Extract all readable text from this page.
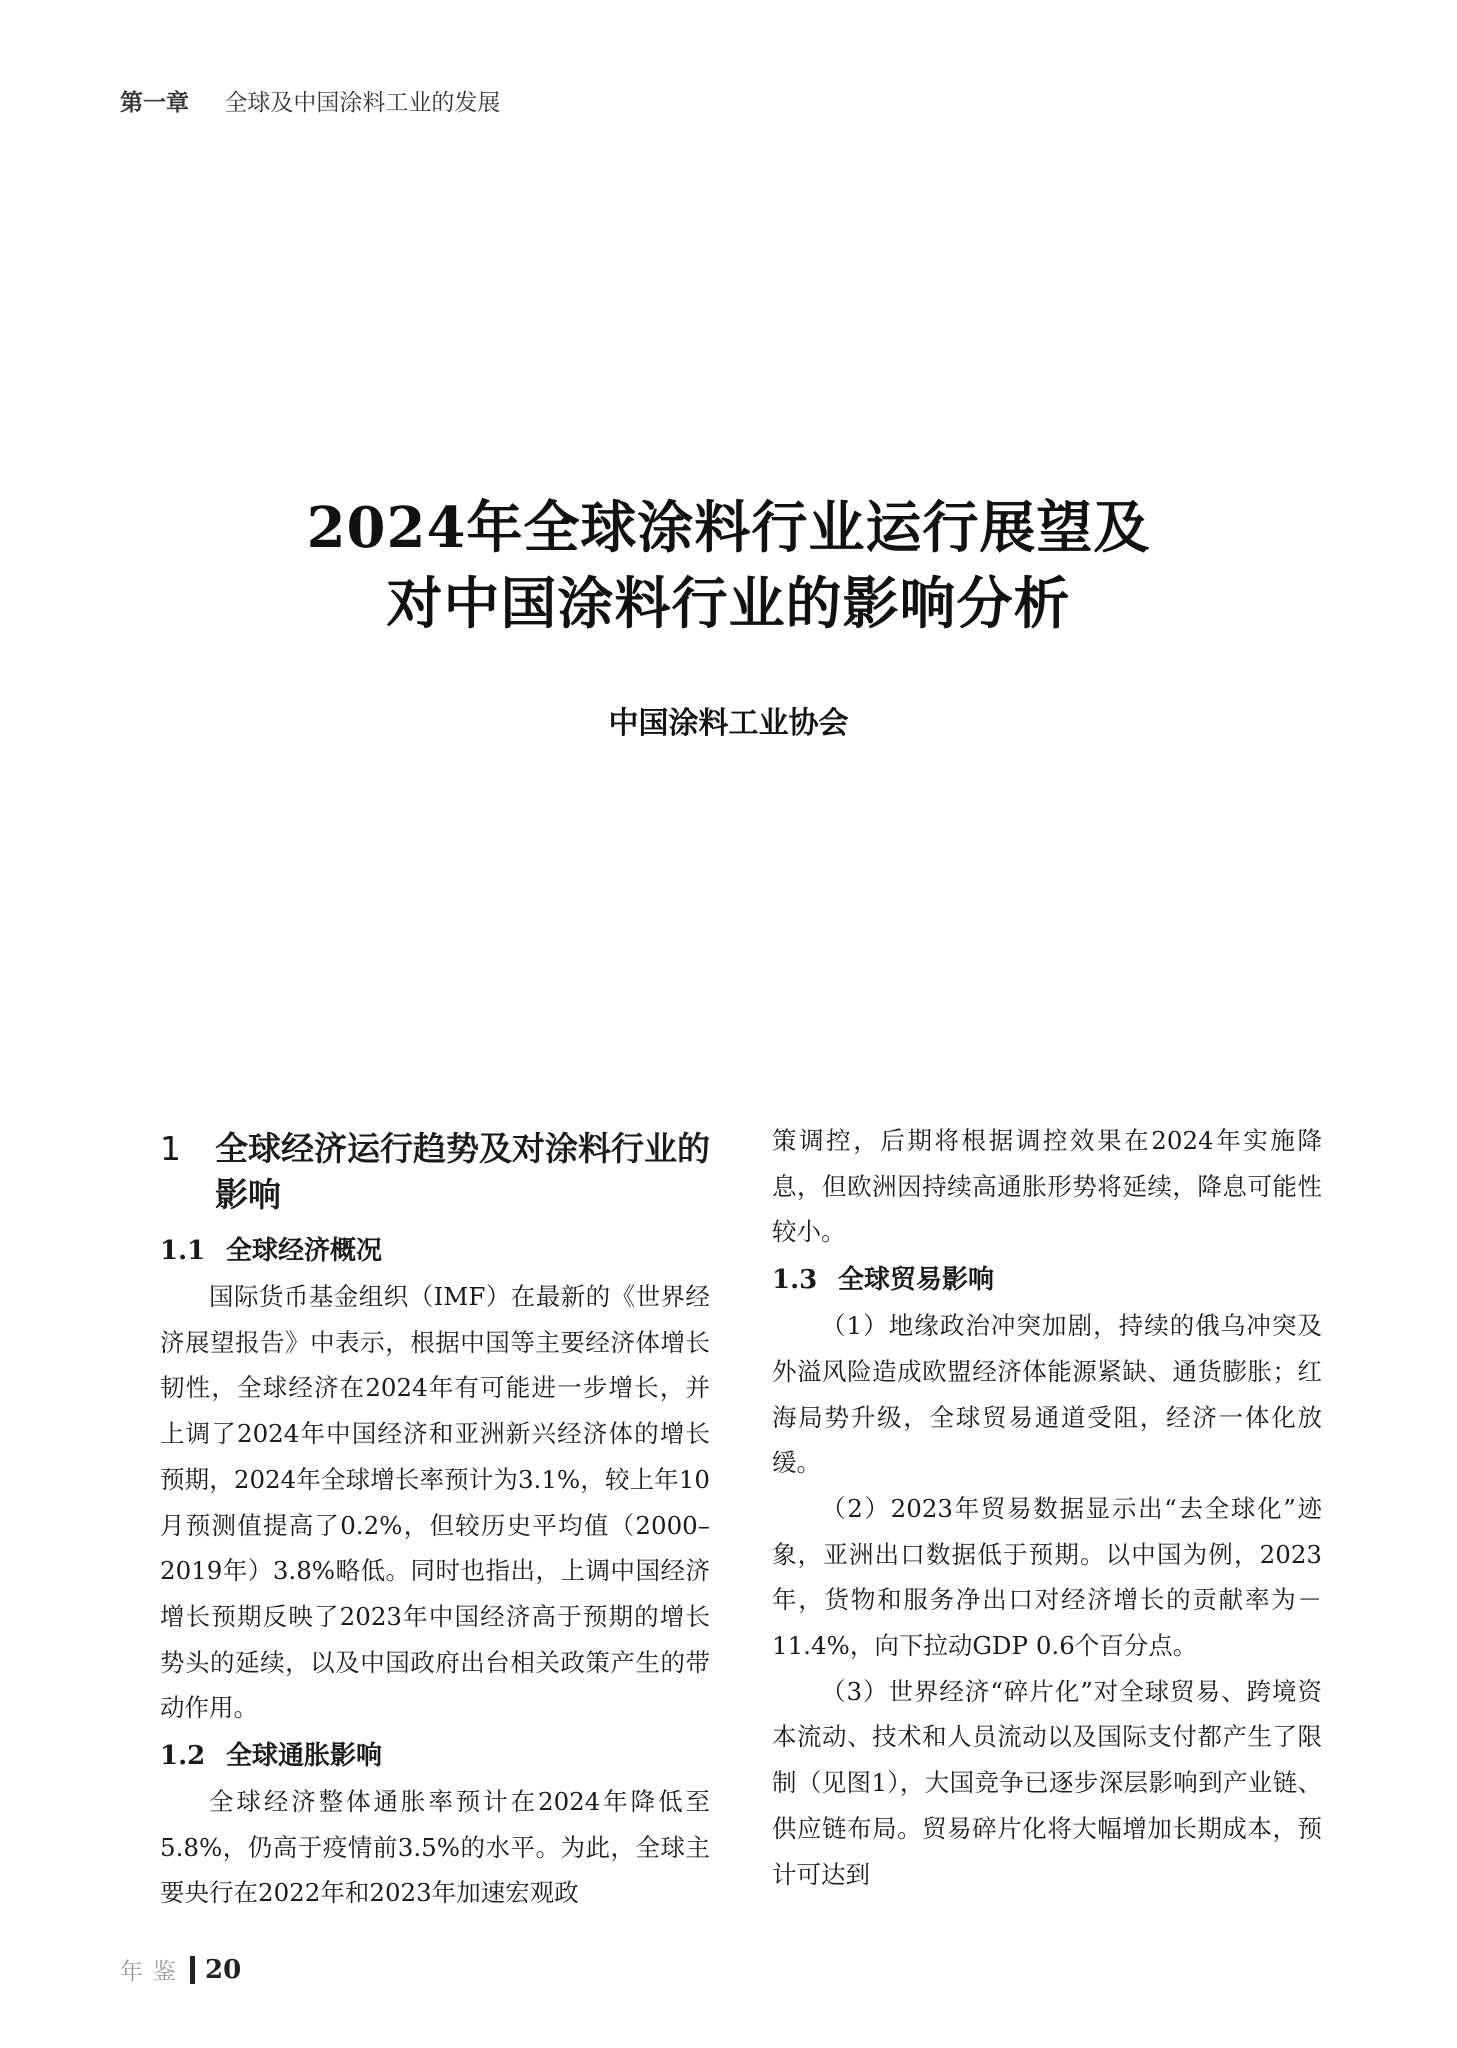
第一章 全球及中国涂料工业的发展
2024年全球涂料行业运行展望及
对中国涂料行业的影响分析
中国涂料工业协会
1	全球经济运行趋势及对涂料行业的影响
1.1 全球经济概况

国际货币基金组织（IMF）在最新的《世界经济展望报告》中表示，根据中国等主要经济体增长韧性，全球经济在2024年有可能进一步增长，并上调了2024年中国经济和亚洲新兴经济体的增长预期，2024年全球增长率预计为3.1%，较上年10月预测值提高了0.2%，但较历史平均值（2000–2019年）3.8%略低。同时也指出，上调中国经济增长预期反映了2023年中国经济高于预期的增长势头的延续，以及中国政府出台相关政策产生的带动作用。

1.2 全球通胀影响

全球经济整体通胀率预计在2024年降低至5.8%，仍高于疫情前3.5%的水平。为此，全球主要央行在2022年和2023年加速宏观政

策调控，后期将根据调控效果在2024年实施降息，但欧洲因持续高通胀形势将延续，降息可能性较小。

1.3 全球贸易影响

（1）地缘政治冲突加剧，持续的俄乌冲突及外溢风险造成欧盟经济体能源紧缺、通货膨胀；红海局势升级，全球贸易通道受阻，经济一体化放缓。

（2）2023年贸易数据显示出“去全球化”迹象，亚洲出口数据低于预期。以中国为例，2023年，货物和服务净出口对经济增长的贡献率为－11.4%，向下拉动GDP 0.6个百分点。

（3）世界经济“碎片化”对全球贸易、跨境资本流动、技术和人员流动以及国际支付都产生了限制（见图1），大国竞争已逐步深层影响到产业链、供应链布局。贸易碎片化将大幅增加长期成本，预计可达到

年鉴 20
